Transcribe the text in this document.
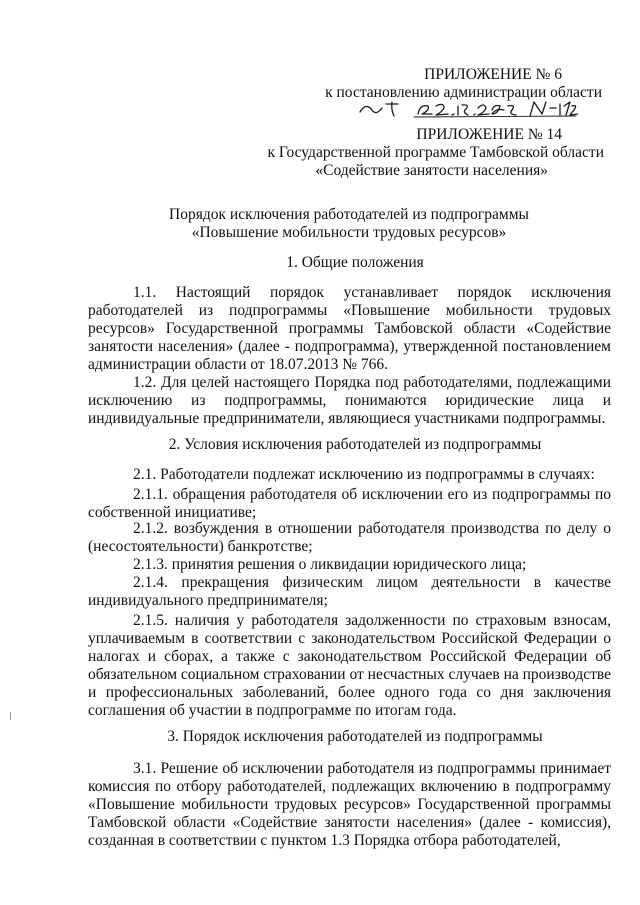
ПРИЛОЖЕНИЕ № 6
к постановлению администрации области
ПРИЛОЖЕНИЕ № 14
к Государственной программе Тамбовской области
«Содействие занятости населения»
Порядок исключения работодателей из подпрограммы
«Повышение мобильности трудовых ресурсов»
1. Общие положения
1.1. Настоящий порядок устанавливает порядок исключения работодателей из подпрограммы «Повышение мобильности трудовых ресурсов» Государственной программы Тамбовской области «Содействие занятости населения» (далее - подпрограмма), утвержденной постановлением администрации области от 18.07.2013 № 766.
1.2. Для целей настоящего Порядка под работодателями, подлежащими исключению из подпрограммы, понимаются юридические лица и индивидуальные предприниматели, являющиеся участниками подпрограммы.
2. Условия исключения работодателей из подпрограммы
2.1. Работодатели подлежат исключению из подпрограммы в случаях:
2.1.1. обращения работодателя об исключении его из подпрограммы по собственной инициативе;
2.1.2. возбуждения в отношении работодателя производства по делу о (несостоятельности) банкротстве;
2.1.3. принятия решения о ликвидации юридического лица;
2.1.4. прекращения физическим лицом деятельности в качестве индивидуального предпринимателя;
2.1.5. наличия у работодателя задолженности по страховым взносам, уплачиваемым в соответствии с законодательством Российской Федерации о налогах и сборах, а также с законодательством Российской Федерации об обязательном социальном страховании от несчастных случаев на производстве и профессиональных заболеваний, более одного года со дня заключения соглашения об участии в подпрограмме по итогам года.
3. Порядок исключения работодателей из подпрограммы
3.1. Решение об исключении работодателя из подпрограммы принимает комиссия по отбору работодателей, подлежащих включению в подпрограмму «Повышение мобильности трудовых ресурсов» Государственной программы Тамбовской области «Содействие занятости населения» (далее - комиссия), созданная в соответствии с пунктом 1.3 Порядка отбора работодателей,
